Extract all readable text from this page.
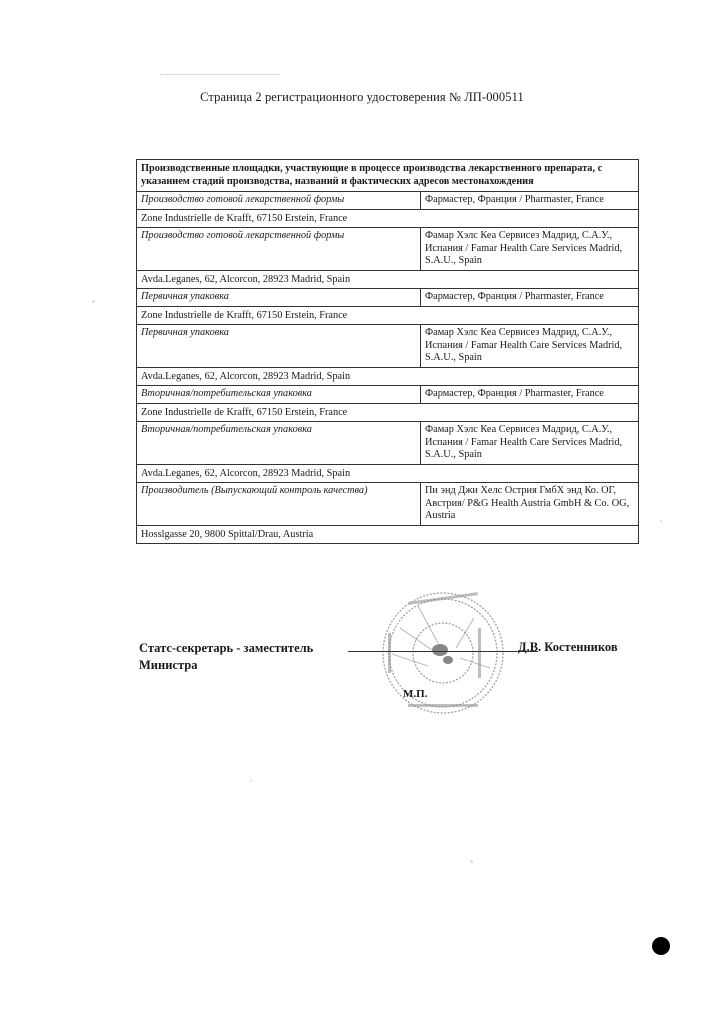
Страница 2 регистрационного удостоверения № ЛП-000511
Производственные площадки, участвующие в процессе производства лекарственного препарата, с указанием стадий производства, названий и фактических адресов местонахождения	
Производство готовой лекарственной формы	Фармастер, Франция / Pharmaster, France
Zone Industrielle de Krafft, 67150 Erstein, France	
Производство готовой лекарственной формы	Фамар Хэлс Кеа Сервисез Мадрид, С.А.У., Испания / Famar Health Care Services Madrid, S.A.U., Spain
Avda.Leganes, 62, Alcorcon, 28923 Madrid, Spain	
Первичная упаковка	Фармастер, Франция / Pharmaster, France
Zone Industrielle de Krafft, 67150 Erstein, France	
Первичная упаковка	Фамар Хэлс Кеа Сервисез Мадрид, С.А.У., Испания / Famar Health Care Services Madrid, S.A.U., Spain
Avda.Leganes, 62, Alcorcon, 28923 Madrid, Spain	
Вторичная/потребительская упаковка	Фармастер, Франция / Pharmaster, France
Zone Industrielle de Krafft, 67150 Erstein, France	
Вторичная/потребительская упаковка	Фамар Хэлс Кеа Сервисез Мадрид, С.А.У., Испания / Famar Health Care Services Madrid, S.A.U., Spain
Avda.Leganes, 62, Alcorcon, 28923 Madrid, Spain	
Производитель (Выпускающий контроль качества)	Пи энд Джи Хелс Острия ГмбХ энд Ко. ОГ, Австрия/ P&G Health Austria GmbH & Co. OG, Austria
Hosslgasse 20, 9800 Spittal/Drau, Austria	
М.П.
Статс-секретарь - заместитель
Министра
Д.В. Костенников
